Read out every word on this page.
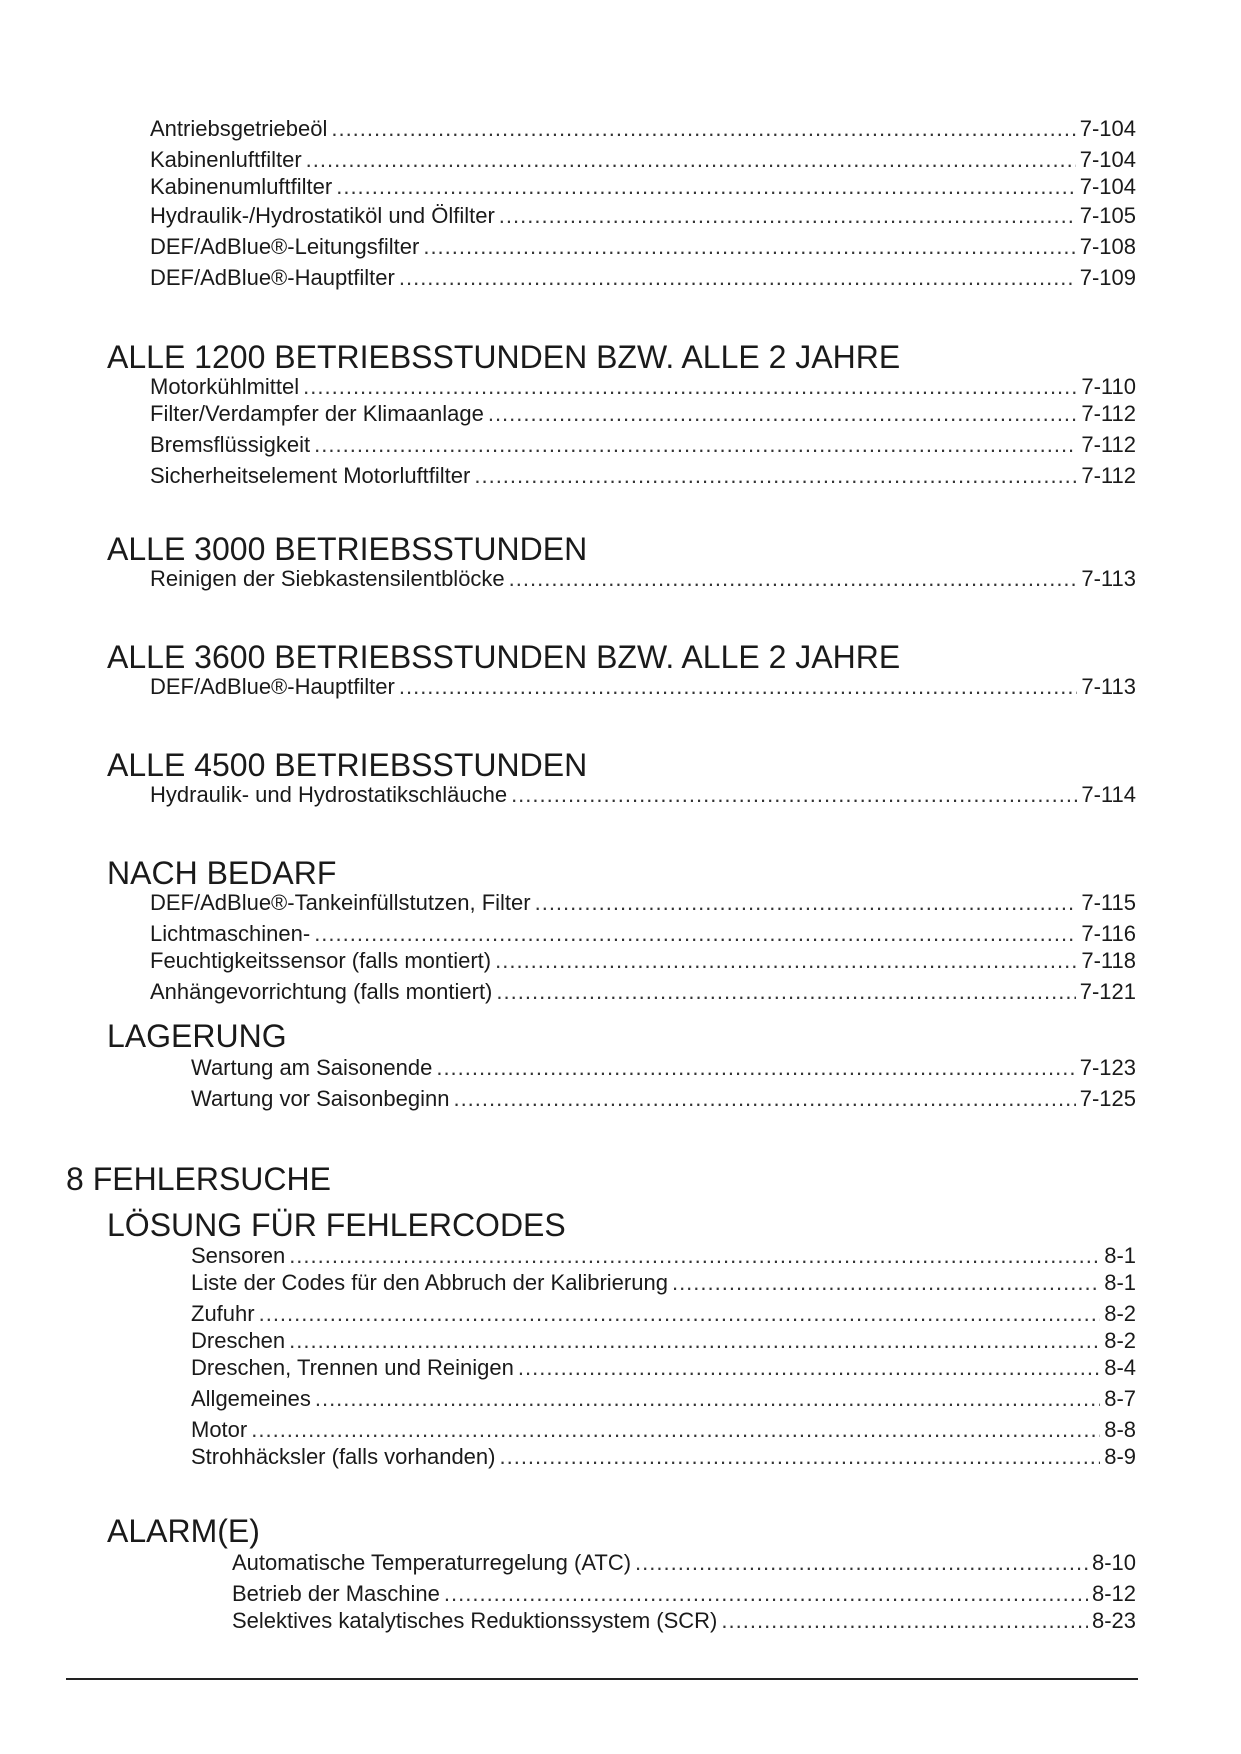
Antriebsgetriebeöl .....	7-104
Kabinenluftfilter .....	7-104
Kabinenumluftfilter .....	7-104
Hydraulik-/Hydrostatiköl und Ölfilter .....	7-105
DEF/AdBlue®-Leitungsfilter .....	7-108
DEF/AdBlue®-Hauptfilter .....	7-109
ALLE 1200 BETRIEBSSTUNDEN BZW. ALLE 2 JAHRE
Motorkühlmittel .....	7-110
Filter/Verdampfer der Klimaanlage .....	7-112
Bremsflüssigkeit .....	7-112
Sicherheitselement Motorluftfilter .....	7-112
ALLE 3000 BETRIEBSSTUNDEN
Reinigen der Siebkastensilentblöcke .....	7-113
ALLE 3600 BETRIEBSSTUNDEN BZW. ALLE 2 JAHRE
DEF/AdBlue®-Hauptfilter .....	7-113
ALLE 4500 BETRIEBSSTUNDEN
Hydraulik- und Hydrostatikschläuche .....	7-114
NACH BEDARF
DEF/AdBlue®-Tankeinfüllstutzen, Filter .....	7-115
Lichtmaschinen- .....	7-116
Feuchtigkeitssensor (falls montiert) .....	7-118
Anhängevorrichtung (falls montiert) .....	7-121
LAGERUNG
Wartung am Saisonende .....	7-123
Wartung vor Saisonbeginn .....	7-125
8 FEHLERSUCHE
LÖSUNG FÜR FEHLERCODES
Sensoren .....	8-1
Liste der Codes für den Abbruch der Kalibrierung .....	8-1
Zufuhr .....	8-2
Dreschen .....	8-2
Dreschen, Trennen und Reinigen .....	8-4
Allgemeines .....	8-7
Motor .....	8-8
Strohhäcksler (falls vorhanden) .....	8-9
ALARM(E)
Automatische Temperaturregelung (ATC) .....	8-10
Betrieb der Maschine .....	8-12
Selektives katalytisches Reduktionssystem (SCR) .....	8-23
